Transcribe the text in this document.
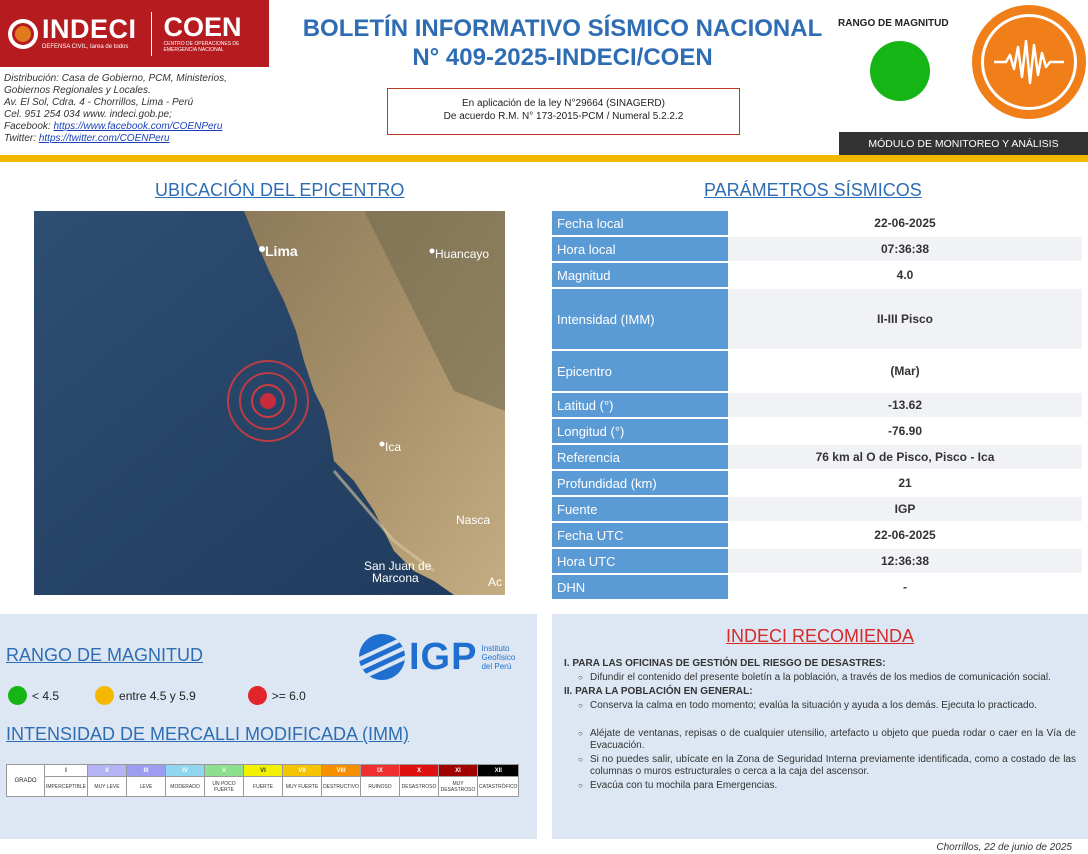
INDECI
DEFENSA CIVIL, tarea de todos
COEN
CENTRO DE OPERACIONES DE EMERGENCIA NACIONAL
Distribución: Casa de Gobierno, PCM, Ministerios,
Gobiernos Regionales y Locales.
Av. El Sol, Cdra. 4 - Chorrillos, Lima - Perú
Cel. 951 254 034 www. indeci.gob.pe;
Facebook: https://www.facebook.com/COENPeru
Twitter: https://twitter.com/COENPeru
BOLETÍN INFORMATIVO SÍSMICO NACIONAL
N° 409-2025-INDECI/COEN
En aplicación de la ley N°29664 (SINAGERD)
De acuerdo R.M. N° 173-2015-PCM / Numeral 5.2.2.2
RANGO DE MAGNITUD
MÓDULO DE MONITOREO Y ANÁLISIS
UBICACIÓN DEL EPICENTRO	PARÁMETROS SÍSMICOS
Lima	Huancayo
Ica
Nasca
San Juan de
Marcona	Ac
Fecha local	22-06-2025
Hora local	07:36:38
Magnitud	4.0
Intensidad (IMM)	II-III Pisco
Epicentro	(Mar)
Latitud (°)	-13.62
Longitud (°)	-76.90
Referencia	76 km al O de Pisco, Pisco - Ica
Profundidad (km)	21
Fuente	IGP
Fecha UTC	22-06-2025
Hora UTC	12:36:38
DHN	-
RANGO DE MAGNITUD	IGP Instituto
Geofísico
del Perú
< 4.5	entre 4.5 y 5.9	>= 6.0
INTENSIDAD DE MERCALLI MODIFICADA (IMM)
GRADO	I	II	III	IV	V	VI	VII	VIII	IX	X	XI	XII
	IMPERCEPTIBLE	MUY LEVE	LEVE	MODERADO	UN POCO FUERTE	FUERTE	MUY FUERTE	DESTRUCTIVO	RUINOSO	DESASTROSO	MUY DESASTROSO	CATASTRÓFICO
INDECI RECOMIENDA
I. PARA LAS OFICINAS DE GESTIÓN DEL RIESGO DE DESASTRES:
○ Difundir el contenido del presente boletín a la población, a través de los medios de comunicación social.
II. PARA LA POBLACIÓN EN GENERAL:
○ Conserva la calma en todo momento; evalúa la situación y ayuda a los demás. Ejecuta lo practicado.
○ Aléjate de ventanas, repisas o de cualquier utensilio, artefacto u objeto que pueda rodar o caer en la Vía de Evacuación.
○ Si no puedes salir, ubícate en la Zona de Seguridad Interna previamente identificada, como a costado de las columnas o muros estructurales o cerca a la caja del ascensor.
○ Evacúa con tu mochila para Emergencias.
Chorrillos, 22 de junio de 2025
